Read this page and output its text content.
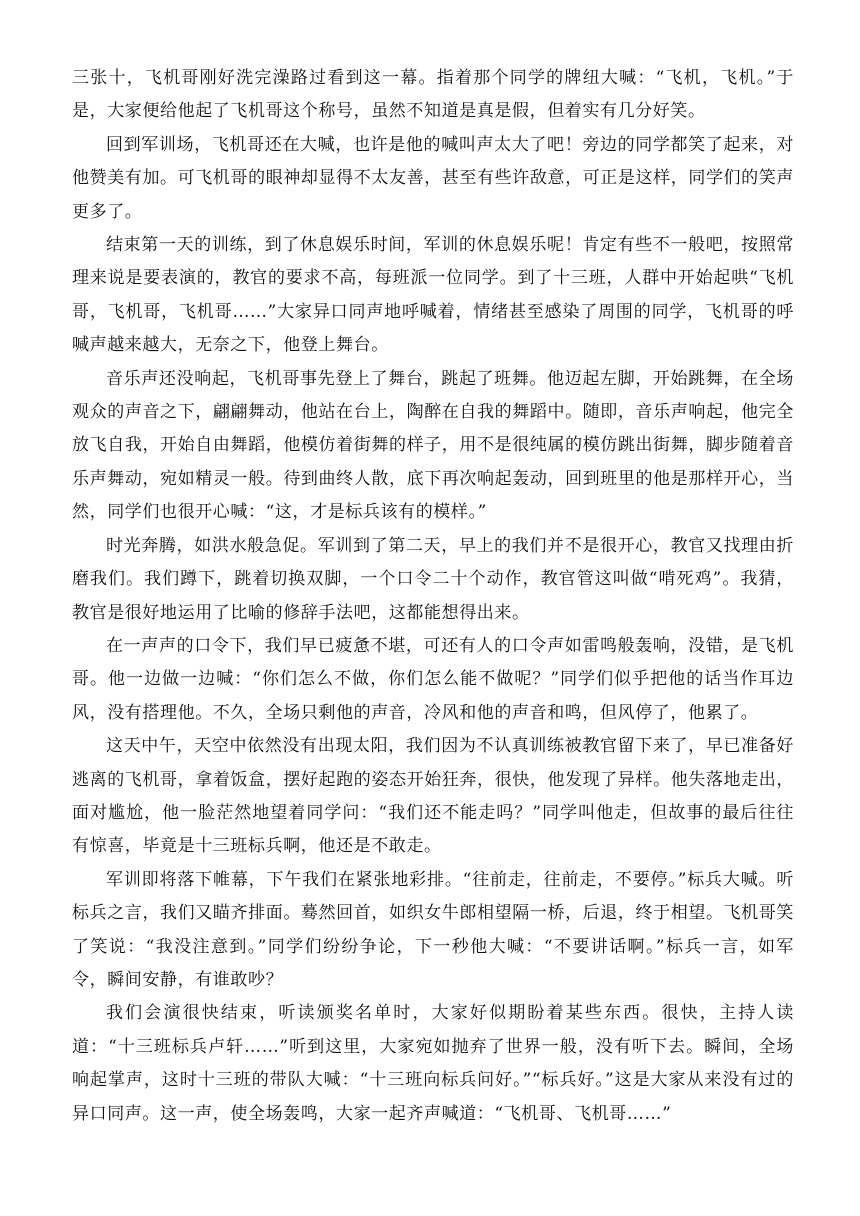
三张十，飞机哥刚好洗完澡路过看到这一幕。指着那个同学的牌纽大喊：“飞机，飞机。”于是，大家便给他起了飞机哥这个称号，虽然不知道是真是假，但着实有几分好笑。

回到军训场，飞机哥还在大喊，也许是他的喊叫声太大了吧！旁边的同学都笑了起来，对他赞美有加。可飞机哥的眼神却显得不太友善，甚至有些许敌意，可正是这样，同学们的笑声更多了。

结束第一天的训练，到了休息娱乐时间，军训的休息娱乐呢！肯定有些不一般吧，按照常理来说是要表演的，教官的要求不高，每班派一位同学。到了十三班，人群中开始起哄“飞机哥，飞机哥，飞机哥……”大家异口同声地呼喊着，情绪甚至感染了周围的同学，飞机哥的呼喊声越来越大，无奈之下，他登上舞台。

音乐声还没响起，飞机哥事先登上了舞台，跳起了班舞。他迈起左脚，开始跳舞，在全场观众的声音之下，翩翩舞动，他站在台上，陶醉在自我的舞蹈中。随即，音乐声响起，他完全放飞自我，开始自由舞蹈，他模仿着街舞的样子，用不是很纯属的模仿跳出街舞，脚步随着音乐声舞动，宛如精灵一般。待到曲终人散，底下再次响起轰动，回到班里的他是那样开心，当然，同学们也很开心喊：“这，才是标兵该有的模样。”

时光奔腾，如洪水般急促。军训到了第二天，早上的我们并不是很开心，教官又找理由折磨我们。我们蹲下，跳着切换双脚，一个口令二十个动作，教官管这叫做“啃死鸡”。我猜，教官是很好地运用了比喻的修辞手法吧，这都能想得出来。

在一声声的口令下，我们早已疲惫不堪，可还有人的口令声如雷鸣般轰响，没错，是飞机哥。他一边做一边喊：“你们怎么不做，你们怎么能不做呢？”同学们似乎把他的话当作耳边风，没有搭理他。不久，全场只剩他的声音，冷风和他的声音和鸣，但风停了，他累了。

这天中午，天空中依然没有出现太阳，我们因为不认真训练被教官留下来了，早已准备好逃离的飞机哥，拿着饭盒，摆好起跑的姿态开始狂奔，很快，他发现了异样。他失落地走出，面对尴尬，他一脸茫然地望着同学问：“我们还不能走吗？”同学叫他走，但故事的最后往往有惊喜，毕竟是十三班标兵啊，他还是不敢走。

军训即将落下帷幕，下午我们在紧张地彩排。“往前走，往前走，不要停。”标兵大喊。听标兵之言，我们又瞄齐排面。蓦然回首，如织女牛郎相望隔一桥，后退，终于相望。飞机哥笑了笑说：“我没注意到。”同学们纷纷争论，下一秒他大喊：“不要讲话啊。”标兵一言，如军令，瞬间安静，有谁敢吵？

我们会演很快结束，听读颁奖名单时，大家好似期盼着某些东西。很快，主持人读道：“十三班标兵卢轩……”听到这里，大家宛如抛弃了世界一般，没有听下去。瞬间，全场响起掌声，这时十三班的带队大喊：“十三班向标兵问好。”“标兵好。”这是大家从来没有过的异口同声。这一声，使全场轰鸣，大家一起齐声喊道：“飞机哥、飞机哥……”
